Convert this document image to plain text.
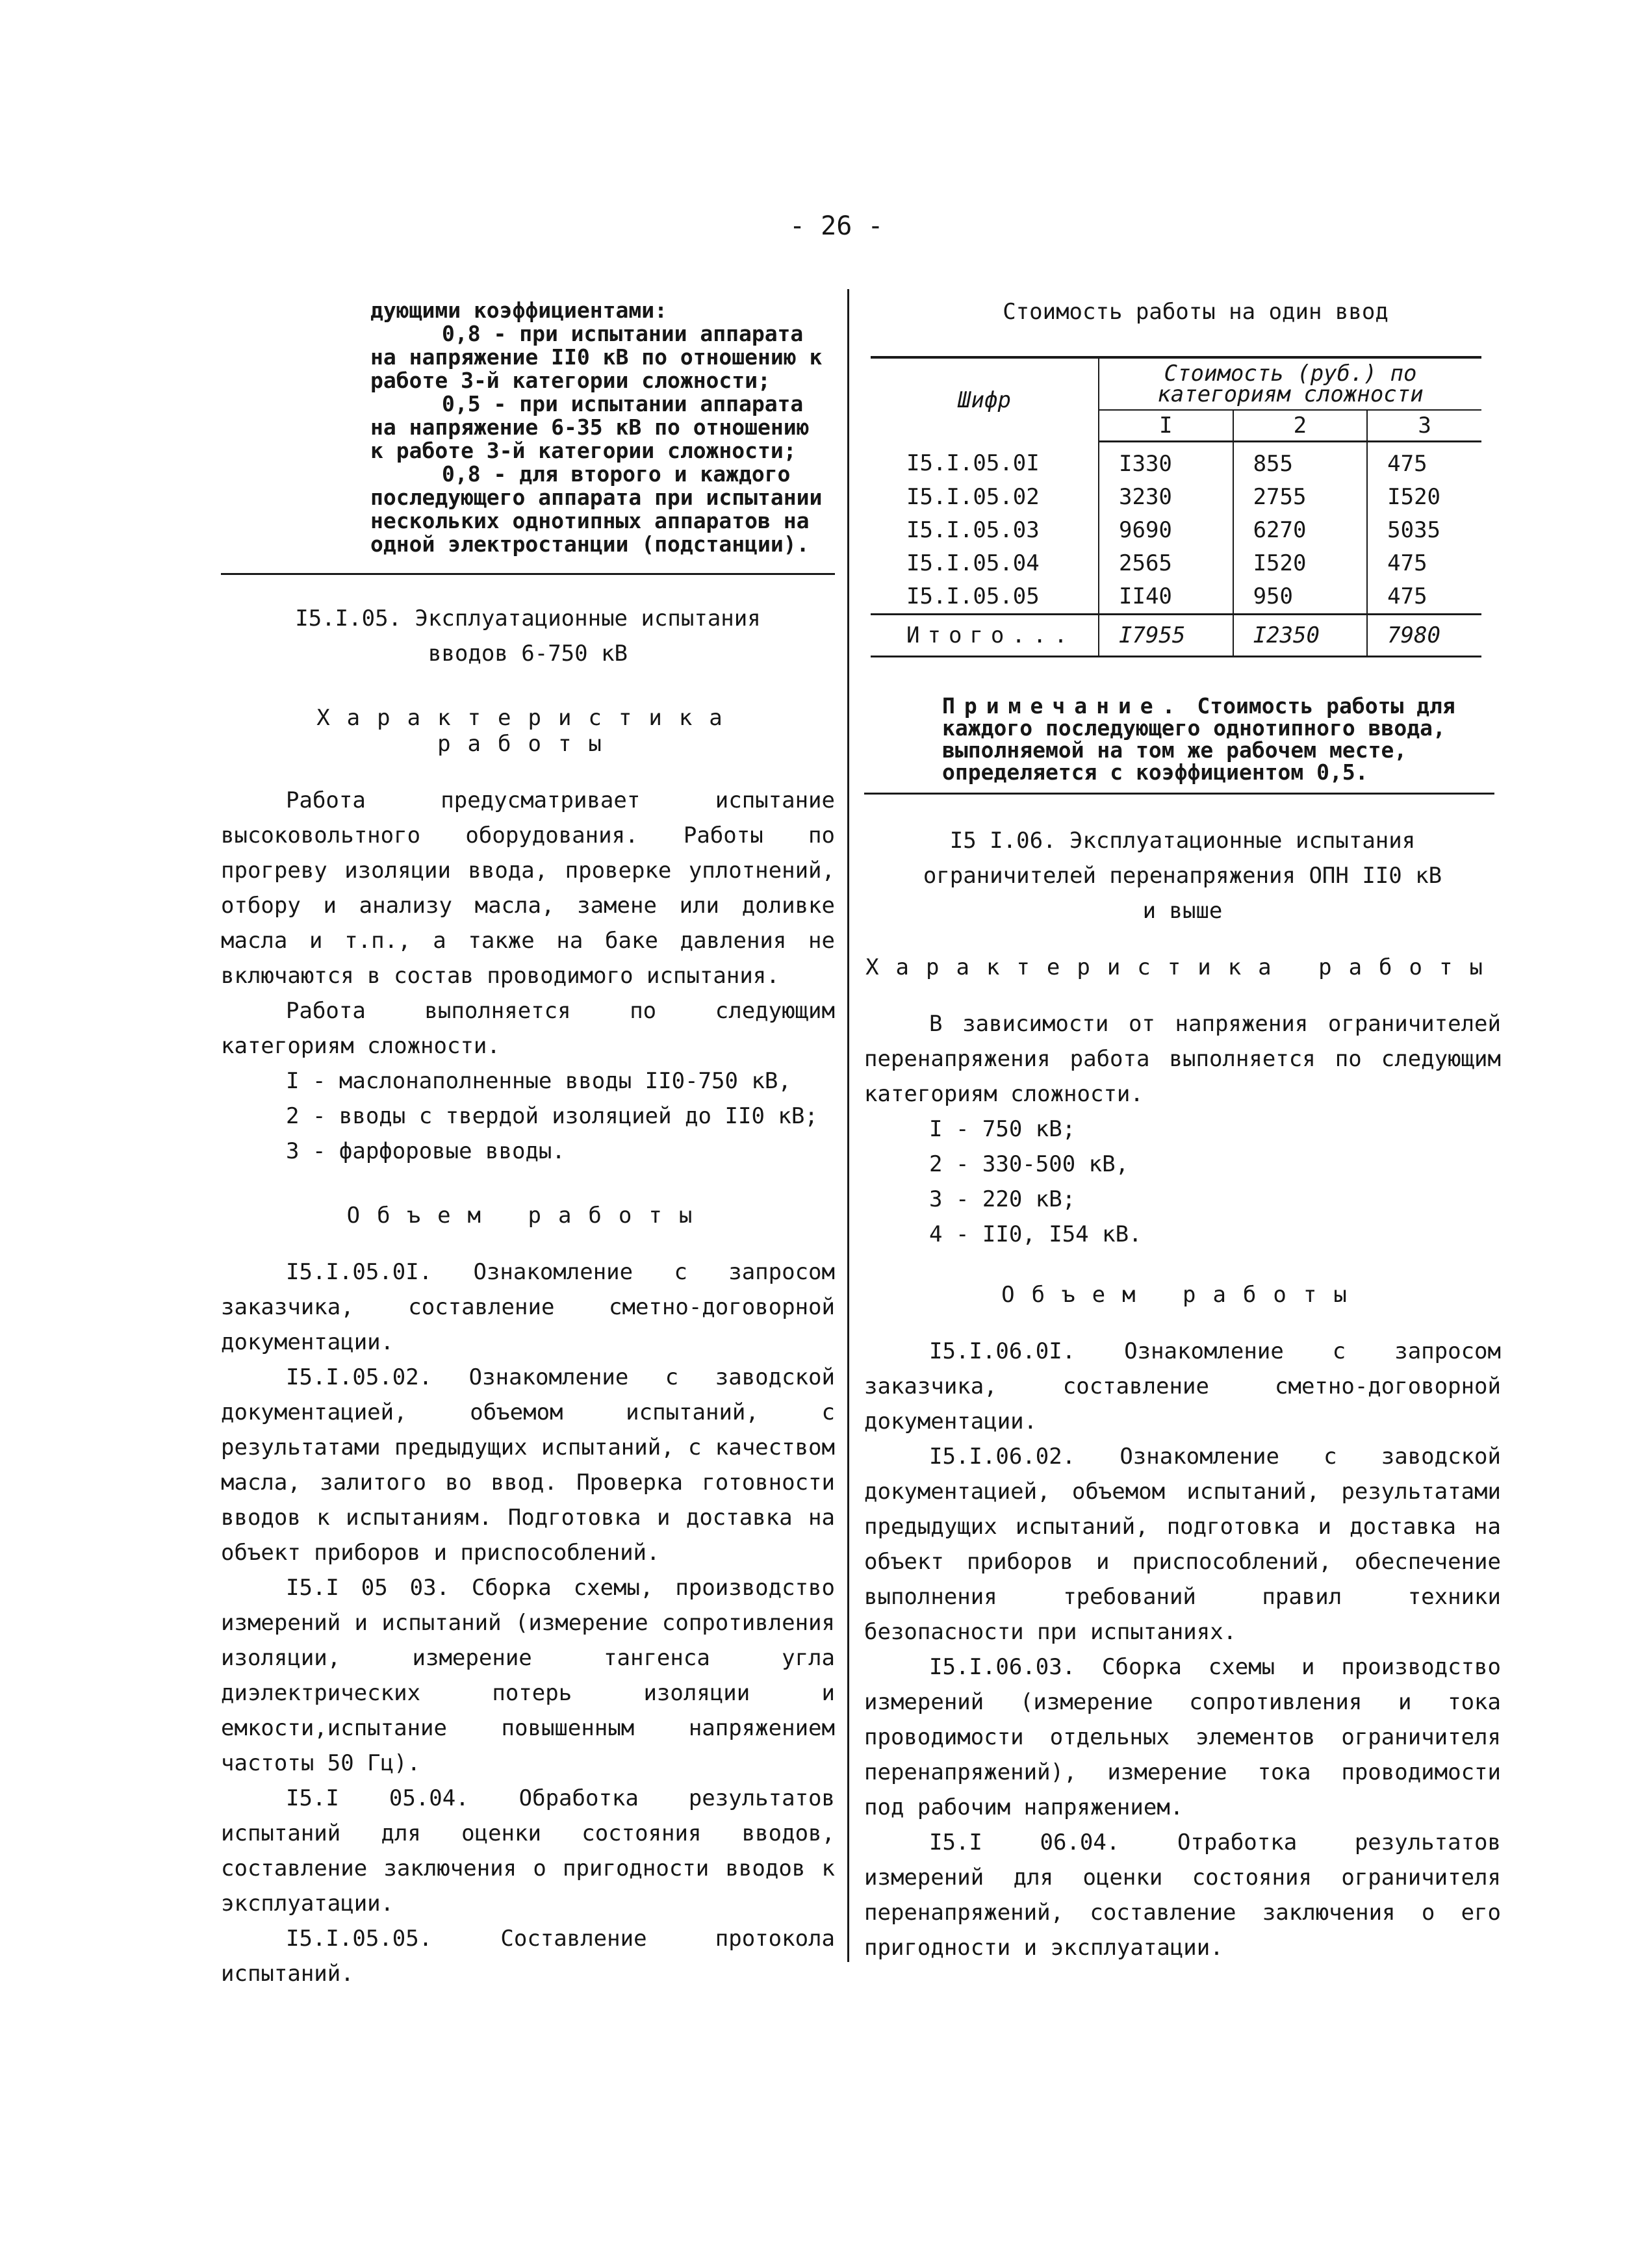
- 26 -

дующими коэффициентами:

0,8 - при испытании аппарата на напряжение II0 кВ по отношению к работе 3-й категории сложности;

0,5 - при испытании аппарата на напряжение 6-35 кВ по отношению к работе 3-й категории сложности;

0,8 - для второго и каждого последующего аппарата при испытании нескольких однотипных аппаратов на одной электростанции (подстанции).

I5.I.05. Эксплуатационные испытания
вводов 6-750 кВ
Характеристика работы

Работа предусматривает испытание высоковольтного оборудования. Работы по прогреву изоляции ввода, проверке уплотнений, отбору и анализу масла, замене или доливке масла и т.п., а также на баке давления не включаются в состав проводимого испытания.

Работа выполняется по следующим категориям сложности.

I - маслонаполненные вводы II0-750 кВ,

2 - вводы с твердой изоляцией до II0 кВ;

3 - фарфоровые вводы.

Объем работы

I5.I.05.0I. Ознакомление с запросом заказчика, составление сметно-договорной документации.

I5.I.05.02. Ознакомление с заводской документацией, объемом испытаний, с результатами предыдущих испытаний, с качеством масла, залитого во ввод. Проверка готовности вводов к испытаниям. Подготовка и доставка на объект приборов и приспособлений.

I5.I 05 03. Сборка схемы, производство измерений и испытаний (измерение сопротивления изоляции, измерение тангенса угла диэлектрических потерь изоляции и емкости,испытание повышенным напряжением частоты 50 Гц).

I5.I 05.04. Обработка результатов испытаний для оценки состояния вводов, составление заключения о пригодности вводов к эксплуатации.

I5.I.05.05. Составление протокола испытаний.

Стоимость работы на один ввод
Шифр	Стоимость (руб.) по категориям сложности		
	I	2	3
I5.I.05.0I	I330	855	475
I5.I.05.02	3230	2755	I520
I5.I.05.03	9690	6270	5035
I5.I.05.04	2565	I520	475
I5.I.05.05	II40	950	475
Итого...	I7955	I2350	7980
Примечание. Стоимость работы для каждого последующего однотипного ввода, выполняемой на том же рабочем месте, определяется с коэффициентом 0,5.
I5 I.06. Эксплуатационные испытания
ограничителей перенапряжения ОПН II0 кВ
и выше
Характеристика работы

В зависимости от напряжения ограничителей перенапряжения работа выполняется по следующим категориям сложности.

I - 750 кВ;

2 - 330-500 кВ,

3 - 220 кВ;

4 - II0, I54 кВ.

Объем работы

I5.I.06.0I. Ознакомление с запросом заказчика, составление сметно-договорной документации.

I5.I.06.02. Ознакомление с заводской документацией, объемом испытаний, результатами предыдущих испытаний, подготовка и доставка на объект приборов и приспособлений, обеспечение выполнения требований правил техники безопасности при испытаниях.

I5.I.06.03. Сборка схемы и производство измерений (измерение сопротивления и тока проводимости отдельных элементов ограничителя перенапряжений), измерение тока проводимости под рабочим напряжением.

I5.I 06.04. Отработка результатов измерений для оценки состояния ограничителя перенапряжений, составление заключения о его пригодности и эксплуатации.
